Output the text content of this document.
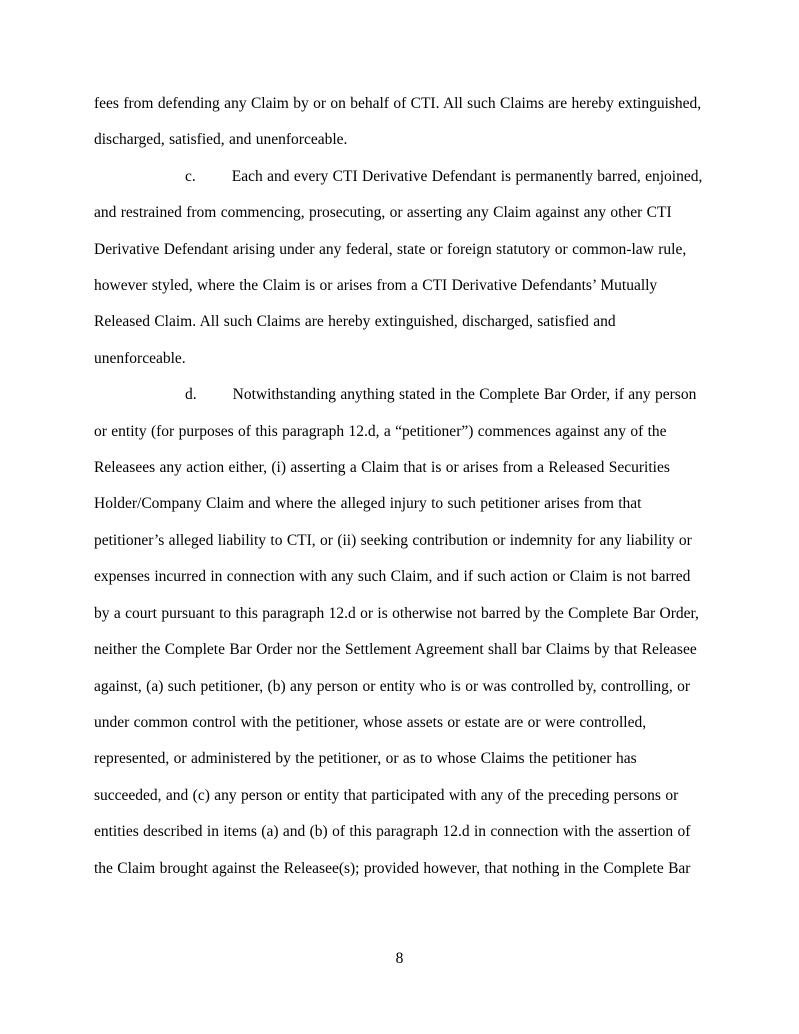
fees from defending any Claim by or on behalf of CTI. All such Claims are hereby extinguished, discharged, satisfied, and unenforceable.

c. Each and every CTI Derivative Defendant is permanently barred, enjoined, and restrained from commencing, prosecuting, or asserting any Claim against any other CTI Derivative Defendant arising under any federal, state or foreign statutory or common-law rule, however styled, where the Claim is or arises from a CTI Derivative Defendants’ Mutually Released Claim. All such Claims are hereby extinguished, discharged, satisfied and unenforceable.

d. Notwithstanding anything stated in the Complete Bar Order, if any person or entity (for purposes of this paragraph 12.d, a “petitioner”) commences against any of the Releasees any action either, (i) asserting a Claim that is or arises from a Released Securities Holder/Company Claim and where the alleged injury to such petitioner arises from that petitioner’s alleged liability to CTI, or (ii) seeking contribution or indemnity for any liability or expenses incurred in connection with any such Claim, and if such action or Claim is not barred by a court pursuant to this paragraph 12.d or is otherwise not barred by the Complete Bar Order, neither the Complete Bar Order nor the Settlement Agreement shall bar Claims by that Releasee against, (a) such petitioner, (b) any person or entity who is or was controlled by, controlling, or under common control with the petitioner, whose assets or estate are or were controlled, represented, or administered by the petitioner, or as to whose Claims the petitioner has succeeded, and (c) any person or entity that participated with any of the preceding persons or entities described in items (a) and (b) of this paragraph 12.d in connection with the assertion of the Claim brought against the Releasee(s); provided however, that nothing in the Complete Bar

8
